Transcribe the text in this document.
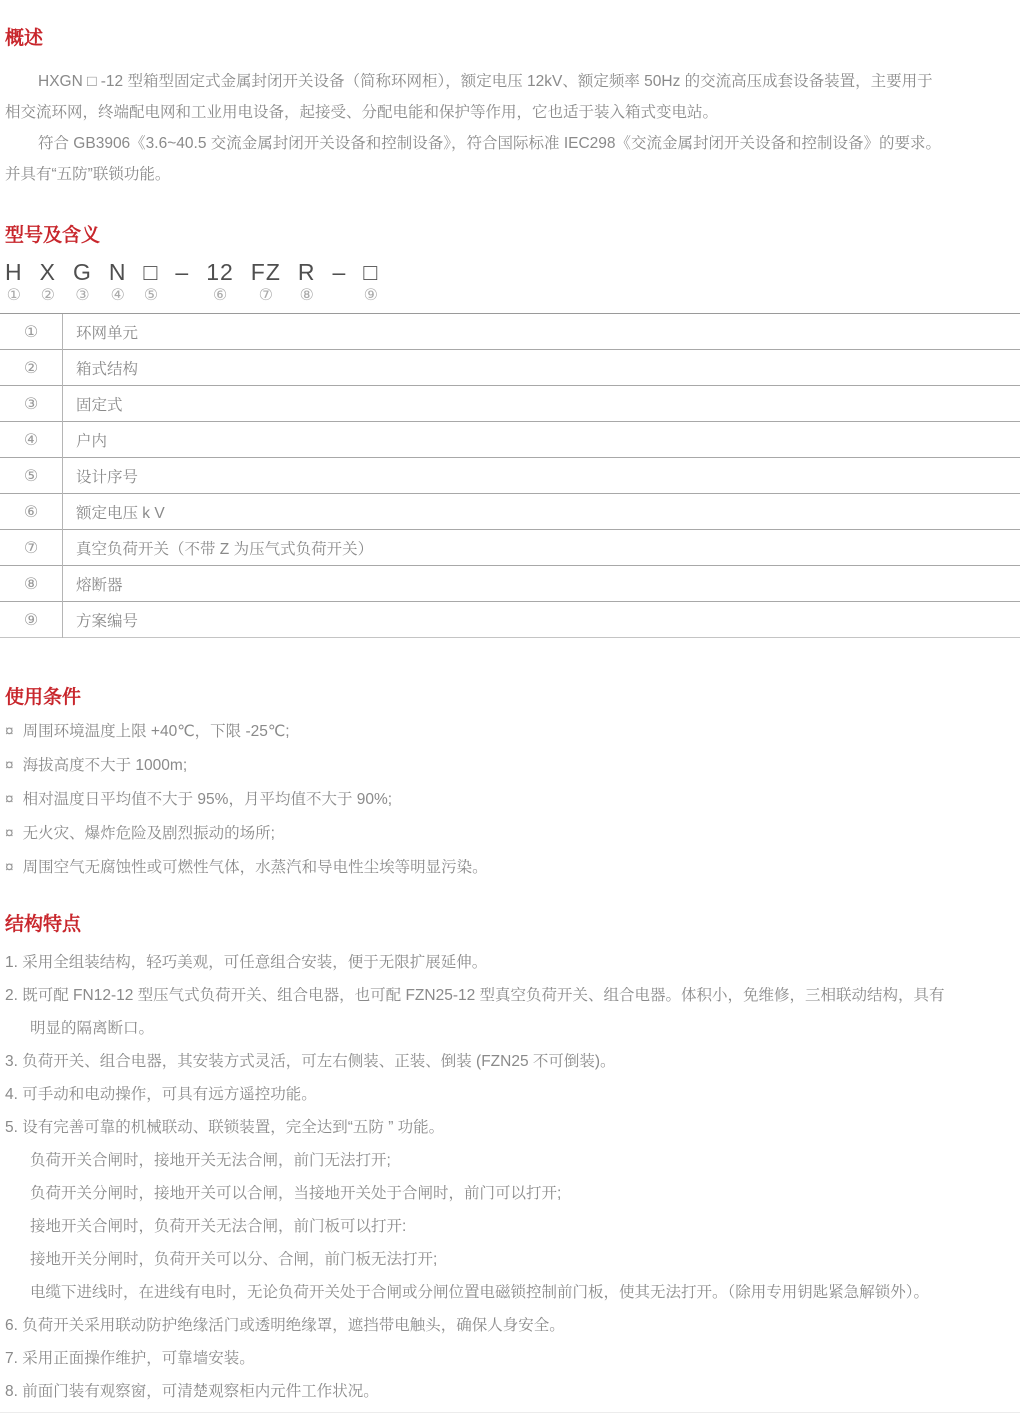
概述
HXGN □ -12 型箱型固定式金属封闭开关设备（简称环网柜），额定电压 12kV、额定频率 50Hz 的交流高压成套设备装置，主要用于
相交流环网，终端配电网和工业用电设备，起接受、分配电能和保护等作用，它也适于装入箱式变电站。
符合 GB3906《3.6~40.5 交流金属封闭开关设备和控制设备》，符合国际标准 IEC298《交流金属封闭开关设备和控制设备》的要求。
并具有“五防”联锁功能。
型号及含义
H
①
X
②
G
③
N
④
□
⑤
– 12
⑥
FZ
⑦
R
⑧
– □
⑨
①	环网单元
②	箱式结构
③	固定式
④	户内
⑤	设计序号
⑥	额定电压 k V
⑦	真空负荷开关（不带 Z 为压气式负荷开关）
⑧	熔断器
⑨	方案编号
使用条件
¤ 周围环境温度上限 +40℃，下限 -25℃;
¤ 海拔高度不大于 1000m;
¤ 相对温度日平均值不大于 95%，月平均值不大于 90%;
¤ 无火灾、爆炸危险及剧烈振动的场所;
¤ 周围空气无腐蚀性或可燃性气体，水蒸汽和导电性尘埃等明显污染。
结构特点
1. 采用全组装结构，轻巧美观，可任意组合安装，便于无限扩展延伸。
2. 既可配 FN12-12 型压气式负荷开关、组合电器，也可配 FZN25-12 型真空负荷开关、组合电器。体积小，免维修，三相联动结构，具有
明显的隔离断口。
3. 负荷开关、组合电器，其安装方式灵活，可左右侧装、正装、倒装 (FZN25 不可倒装)。
4. 可手动和电动操作，可具有远方遥控功能。
5. 设有完善可靠的机械联动、联锁装置，完全达到“五防 ” 功能。
负荷开关合闸时，接地开关无法合闸，前门无法打开;
负荷开关分闸时，接地开关可以合闸，当接地开关处于合闸时，前门可以打开;
接地开关合闸时，负荷开关无法合闸，前门板可以打开:
接地开关分闸时，负荷开关可以分、合闸，前门板无法打开;
电缆下进线时，在进线有电时，无论负荷开关处于合闸或分闸位置电磁锁控制前门板，使其无法打开。（除用专用钥匙紧急解锁外）。
6. 负荷开关采用联动防护绝缘活门或透明绝缘罩，遮挡带电触头，确保人身安全。
7. 采用正面操作维护，可靠墙安装。
8. 前面门装有观察窗，可清楚观察柜内元件工作状况。
